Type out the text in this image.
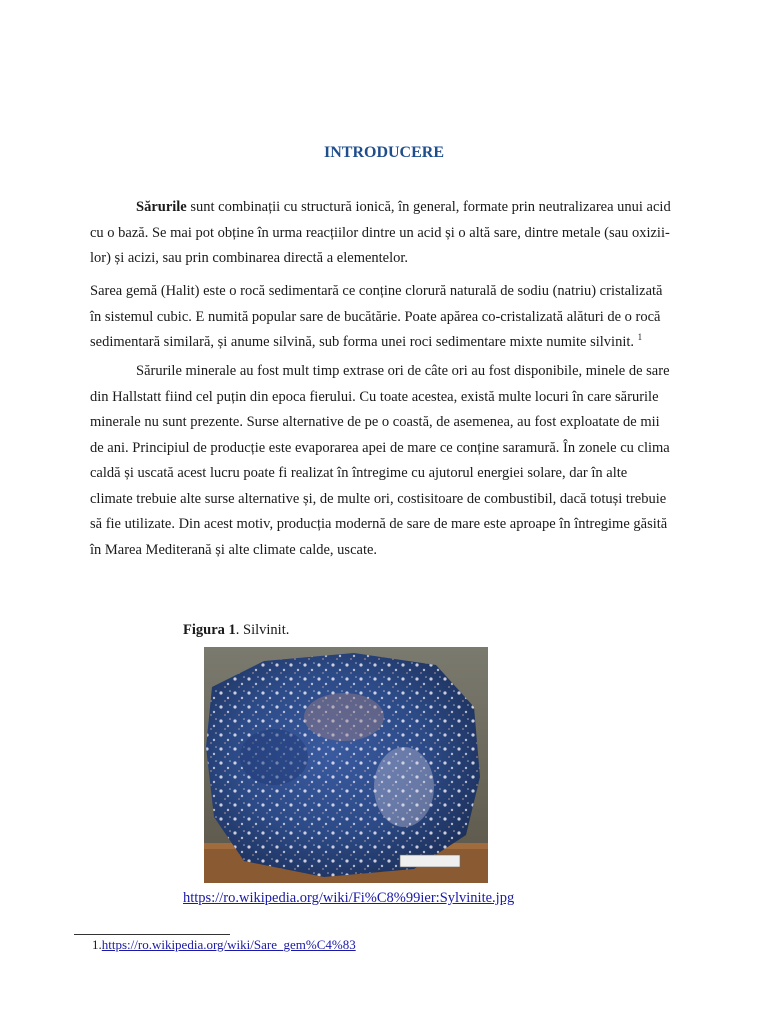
INTRODUCERE

Sărurile sunt combinații cu structură ionică, în general, formate prin neutralizarea unui acid cu o bază. Se mai pot obține în urma reacțiilor dintre un acid și o altă sare, dintre metale (sau oxizii-lor) și acizi, sau prin combinarea directă a elementelor.

Sarea gemă (Halit) este o rocă sedimentară ce conține clorură naturală de sodiu (natriu) cristalizată în sistemul cubic. E numită popular sare de bucătărie. Poate apărea co-cristalizată alături de o rocă sedimentară similară, și anume silvină, sub forma unei roci sedimentare mixte numite silvinit. $^1$

Sărurile minerale au fost mult timp extrase ori de câte ori au fost disponibile, minele de sare din Hallstatt fiind cel puțin din epoca fierului. Cu toate acestea, există multe locuri în care sărurile minerale nu sunt prezente. Surse alternative de pe o coastă, de asemenea, au fost exploatate de mii de ani. Principiul de producție este evaporarea apei de mare ce conține saramură. În zonele cu clima caldă și uscată acest lucru poate fi realizat în întregime cu ajutorul energiei solare, dar în alte climate trebuie alte surse alternative și, de multe ori, costisitoare de combustibil, dacă totuși trebuie să fie utilizate. Din acest motiv, producția modernă de sare de mare este aproape în întregime găsită în Marea Mediterană și alte climate calde, uscate.

Figura 1. Silvinit.
https://ro.wikipedia.org/wiki/Fi%C8%99ier:Sylvinite.jpg
1.https://ro.wikipedia.org/wiki/Sare_gem%C4%83
